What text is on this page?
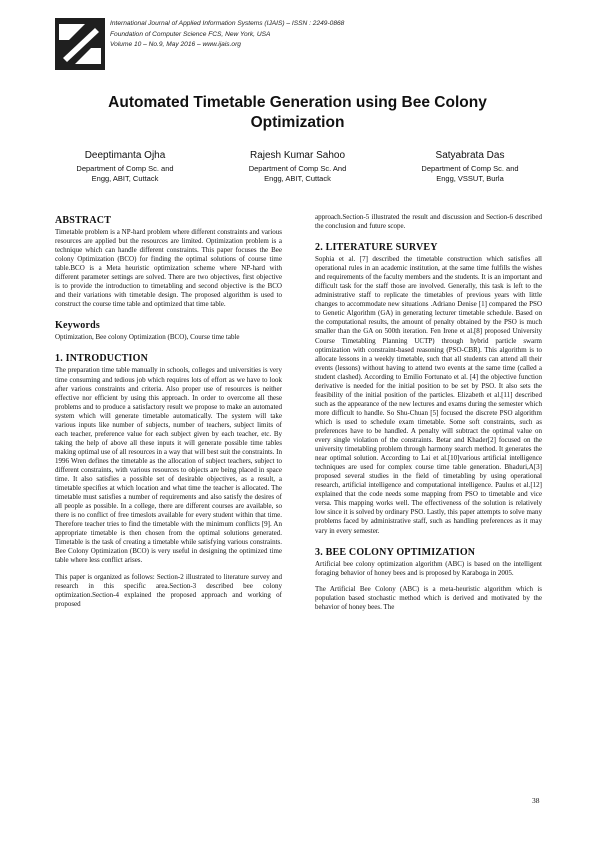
International Journal of Applied Information Systems (IJAIS) – ISSN : 2249-0868
Foundation of Computer Science FCS, New York, USA
Volume 10 – No.9, May 2016 – www.ijais.org
Automated Timetable Generation using Bee Colony
Optimization
Deeptimanta Ojha
Department of Comp Sc. and
Engg, ABIT, Cuttack
Rajesh Kumar Sahoo
Department of Comp Sc. And
Engg, ABIT, Cuttack
Satyabrata Das
Department of Comp Sc. and
Engg, VSSUT, Burla
ABSTRACT

Timetable problem is a NP-hard problem where different constraints and various resources are applied but the resources are limited. Optimization problem is a technique which can handle different constraints. This paper focuses the Bee colony Optimization (BCO) for finding the optimal solutions of course time table.BCO is a Meta heuristic optimization scheme where NP-hard with different parameter settings are solved. There are two objectives, first objective is to provide the introduction to timetabling and second objective is the BCO and their variations with timetable design. The proposed algorithm is used to construct the course time table and optimized that time table.

Keywords

Optimization, Bee colony Optimization (BCO), Course time table

1. INTRODUCTION

The preparation time table manually in schools, colleges and universities is very time consuming and tedious job which requires lots of effort as we have to look after various constraints and criteria. Also proper use of resources is neither effective nor efficient by using this approach. In order to overcome all these problems and to produce a satisfactory result we propose to make an automated system which will generate timetable automatically. The system will take various inputs like number of subjects, number of teachers, subject limits of each teacher, preference value for each subject given by each teacher, etc. By taking the help of above all these inputs it will generate possible time tables making optimal use of all resources in a way that will best suit the constraints. In 1996 Wren defines the timetable as the allocation of subject teachers, subject to different constraints, with various resources to objects are being placed in space time. It also satisfies a possible set of desirable objectives, as a result, a timetable specifies at which location and what time the teacher is allocated. The timetable must satisfies a number of requirements and also satisfy the desires of all people as possible. In a college, there are different courses are available, so there is no conflict of free timeslots available for every student within that time. Therefore teacher tries to find the timetable with the minimum conflicts [9]. An appropriate timetable is then chosen from the optimal solutions generated. Timetable is the task of creating a timetable while satisfying various constraints. Bee Colony Optimization (BCO) is very useful in designing the optimized time table where less conflict arises.

This paper is organized as follows: Section-2 illustrated to literature survey and research in this specific area.Section-3 described bee colony optimization.Section-4 explained the proposed approach and working of proposed

approach.Section-5 illustrated the result and discussion and Section-6 described the conclusion and future scope.

2. LITERATURE SURVEY

Sophia et al. [7] described the timetable construction which satisfies all operational rules in an academic institution, at the same time fulfills the wishes and requirements of the faculty members and the students. It is an important and difficult task for the staff those are involved. Generally, this task is left to the administrative staff to replicate the timetables of previous years with little changes to accommodate new situations .Adriano Denise [1] compared the PSO to Genetic Algorithm (GA) in generating lecturer timetable schedule. Based on the computational results, the amount of penalty obtained by the PSO is much smaller than the GA on 500th iteration. Fen Irene et al.[8] proposed University Course Timetabling Planning UCTP) through hybrid particle swarm optimization with constraint-based reasoning (PSO-CBR). This algorithm is to allocate lessons in a weekly timetable, such that all students can attend all their events (lessons) without having to attend two events at the same time (called a student clashed). According to Emilio Fortunato et al. [4] the objective function derivative is needed for the initial position to be set by PSO. It also sets the feasibility of the initial position of the particles. Elizabeth et al.[11] described such as the appearance of the new lectures and exams during the semester which more difficult to handle. So Shu-Chuan [5] focused the discrete PSO algorithm which is used to schedule exam timetable. Some soft constraints, such as preferences have to be handled. A penalty will subtract the optimal value on every single violation of the constraints. Betar and Khader[2] focused on the university timetabling problem through harmony search method. It generates the near optimal solution. According to Lai et al.[10]various artificial intelligence techniques are used for complex course time table generation. Bhaduri,A[3] proposed several studies in the field of timetabling by using operational research, artificial intelligence and computational intelligence. Paulus et al.[12] explained that the code needs some mapping from PSO to timetable and vice versa. This mapping works well. The effectiveness of the solution is relatively low since it is solved by ordinary PSO. Lastly, this paper attempts to solve many problems faced by administrative staff, such as handling preferences as it may vary in every semester.

3. BEE COLONY OPTIMIZATION

Artificial bee colony optimization algorithm (ABC) is based on the intelligent foraging behavior of honey bees and is proposed by Karaboga in 2005.

The Artificial Bee Colony (ABC) is a meta-heuristic algorithm which is population based stochastic method which is derived and motivated by the behavior of honey bees. The

38
